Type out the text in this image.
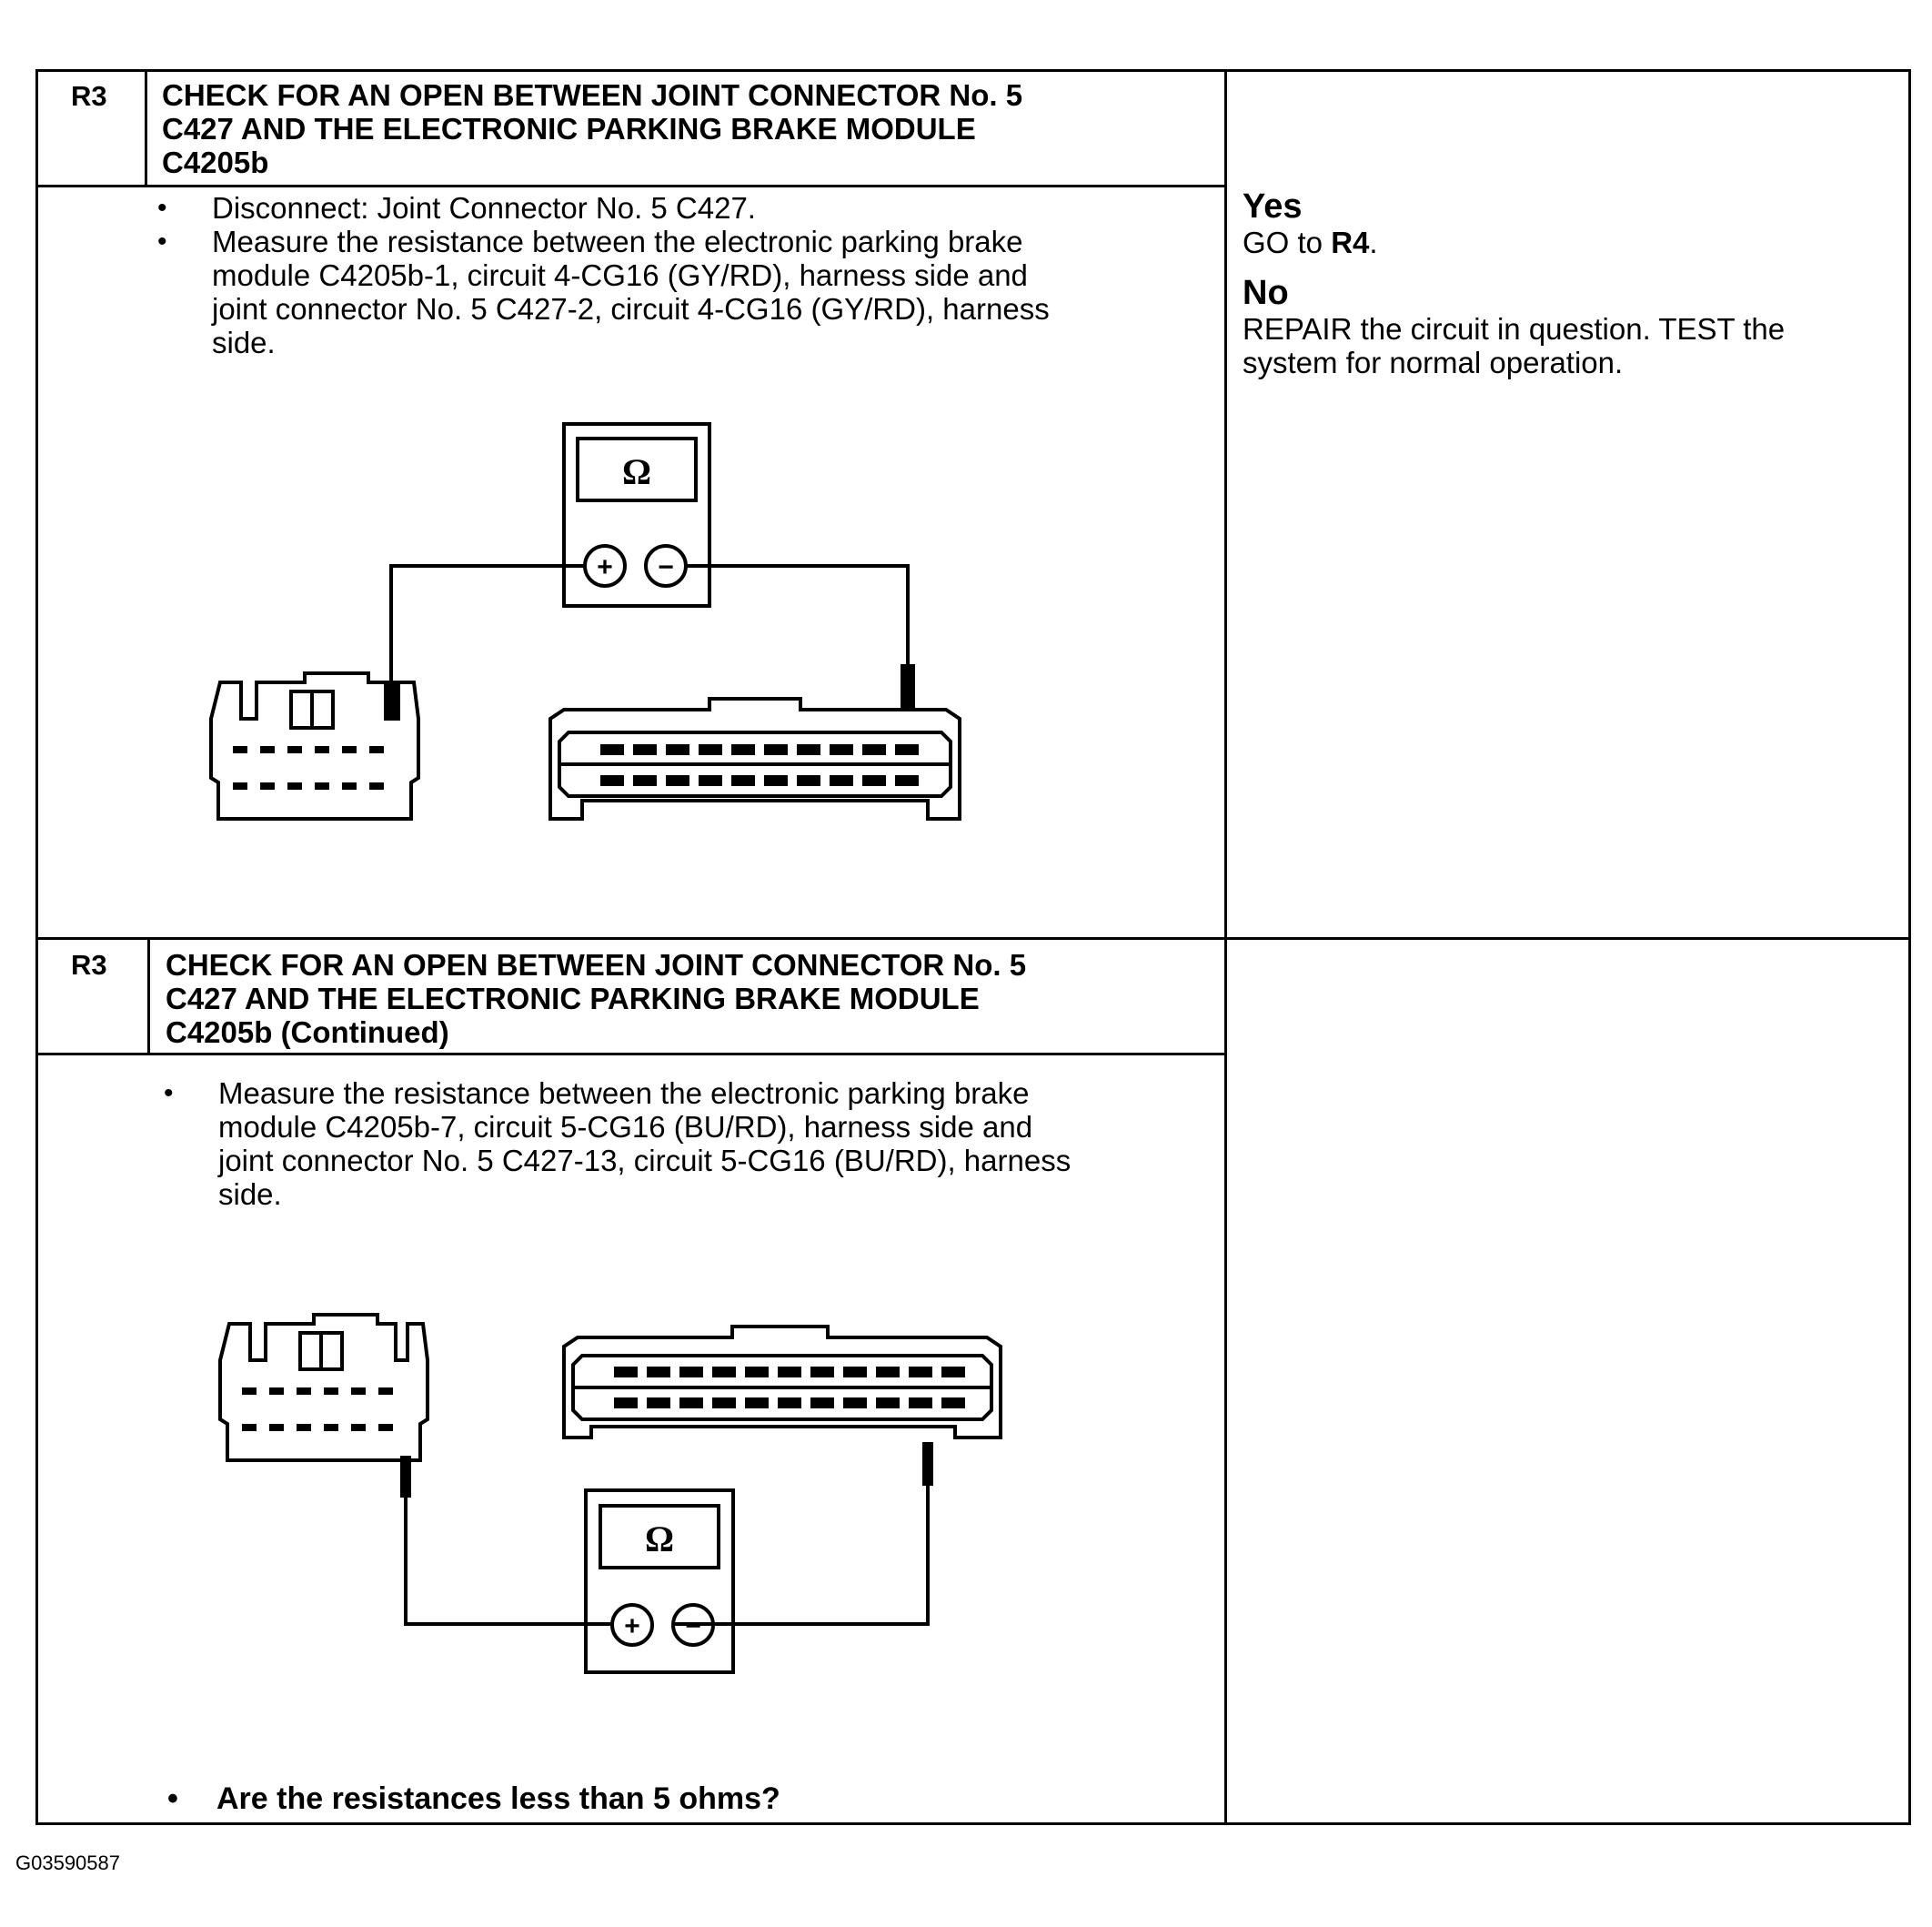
R3 CHECK FOR AN OPEN BETWEEN JOINT CONNECTOR No. 5
C427 AND THE ELECTRONIC PARKING BRAKE MODULE
C4205b
• Disconnect: Joint Connector No. 5 C427.
• Measure the resistance between the electronic parking brake
module C4205b-1, circuit 4-CG16 (GY/RD), harness side and
joint connector No. 5 C427-2, circuit 4-CG16 (GY/RD), harness
side.
Yes
GO to R4.
No
REPAIR the circuit in question. TEST the
system for normal operation.
Ω
+ −
R3 CHECK FOR AN OPEN BETWEEN JOINT CONNECTOR No. 5
C427 AND THE ELECTRONIC PARKING BRAKE MODULE
C4205b (Continued)
• Measure the resistance between the electronic parking brake
module C4205b-7, circuit 5-CG16 (BU/RD), harness side and
joint connector No. 5 C427-13, circuit 5-CG16 (BU/RD), harness
side.
Ω
+ −
• Are the resistances less than 5 ohms?
G03590587
